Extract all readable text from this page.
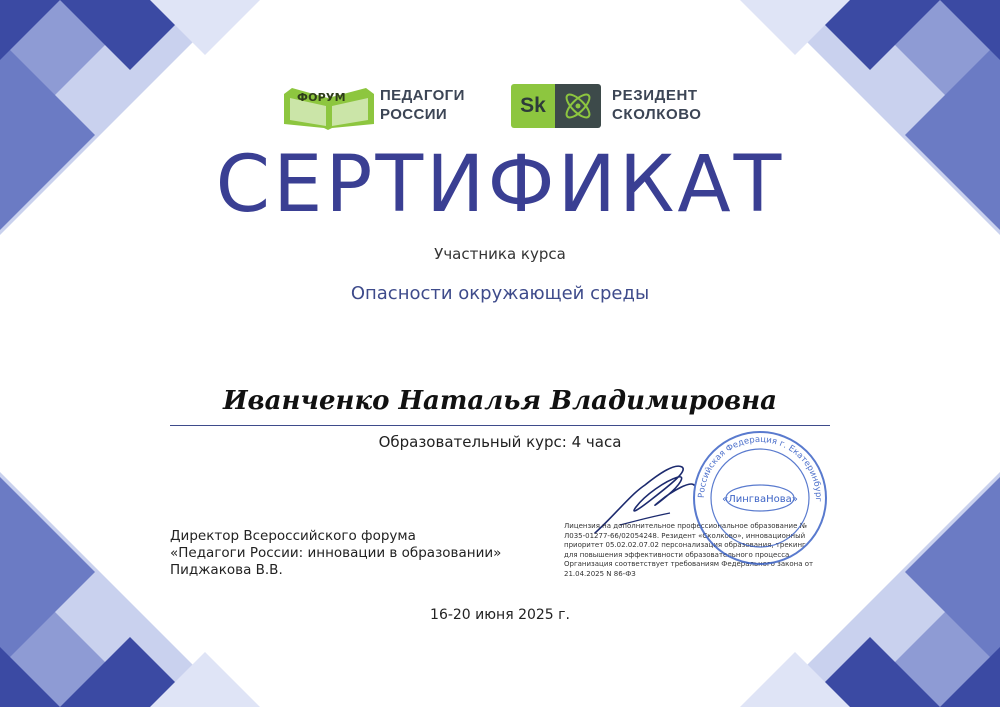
ФОРУМ ПЕДАГОГИ
РОССИИ	Sk	РЕЗИДЕНТ
СКОЛКОВО
СЕРТИФИКАТ
Участника курса
Опасности окружающей среды
Иванченко Наталья Владимировна
Образовательный курс: 4 часа
Директор Всероссийского форума
«Педагоги России: инновации в образовании»
Пиджакова В.В.
Лицензия на дополнительное профессиональное образование №
Л035-01277-66/02054248. Резидент «Сколково», инновационный
приоритет 05.02.02.07.02 персонализация образования, трекинг
для повышения эффективности образовательного процесса
Организация соответствует требованиям Федерального закона от
21.04.2025 N 86-ФЗ
Российская Федерация г. Екатеринбург
«ЛингваНова»
16-20 июня 2025 г.
